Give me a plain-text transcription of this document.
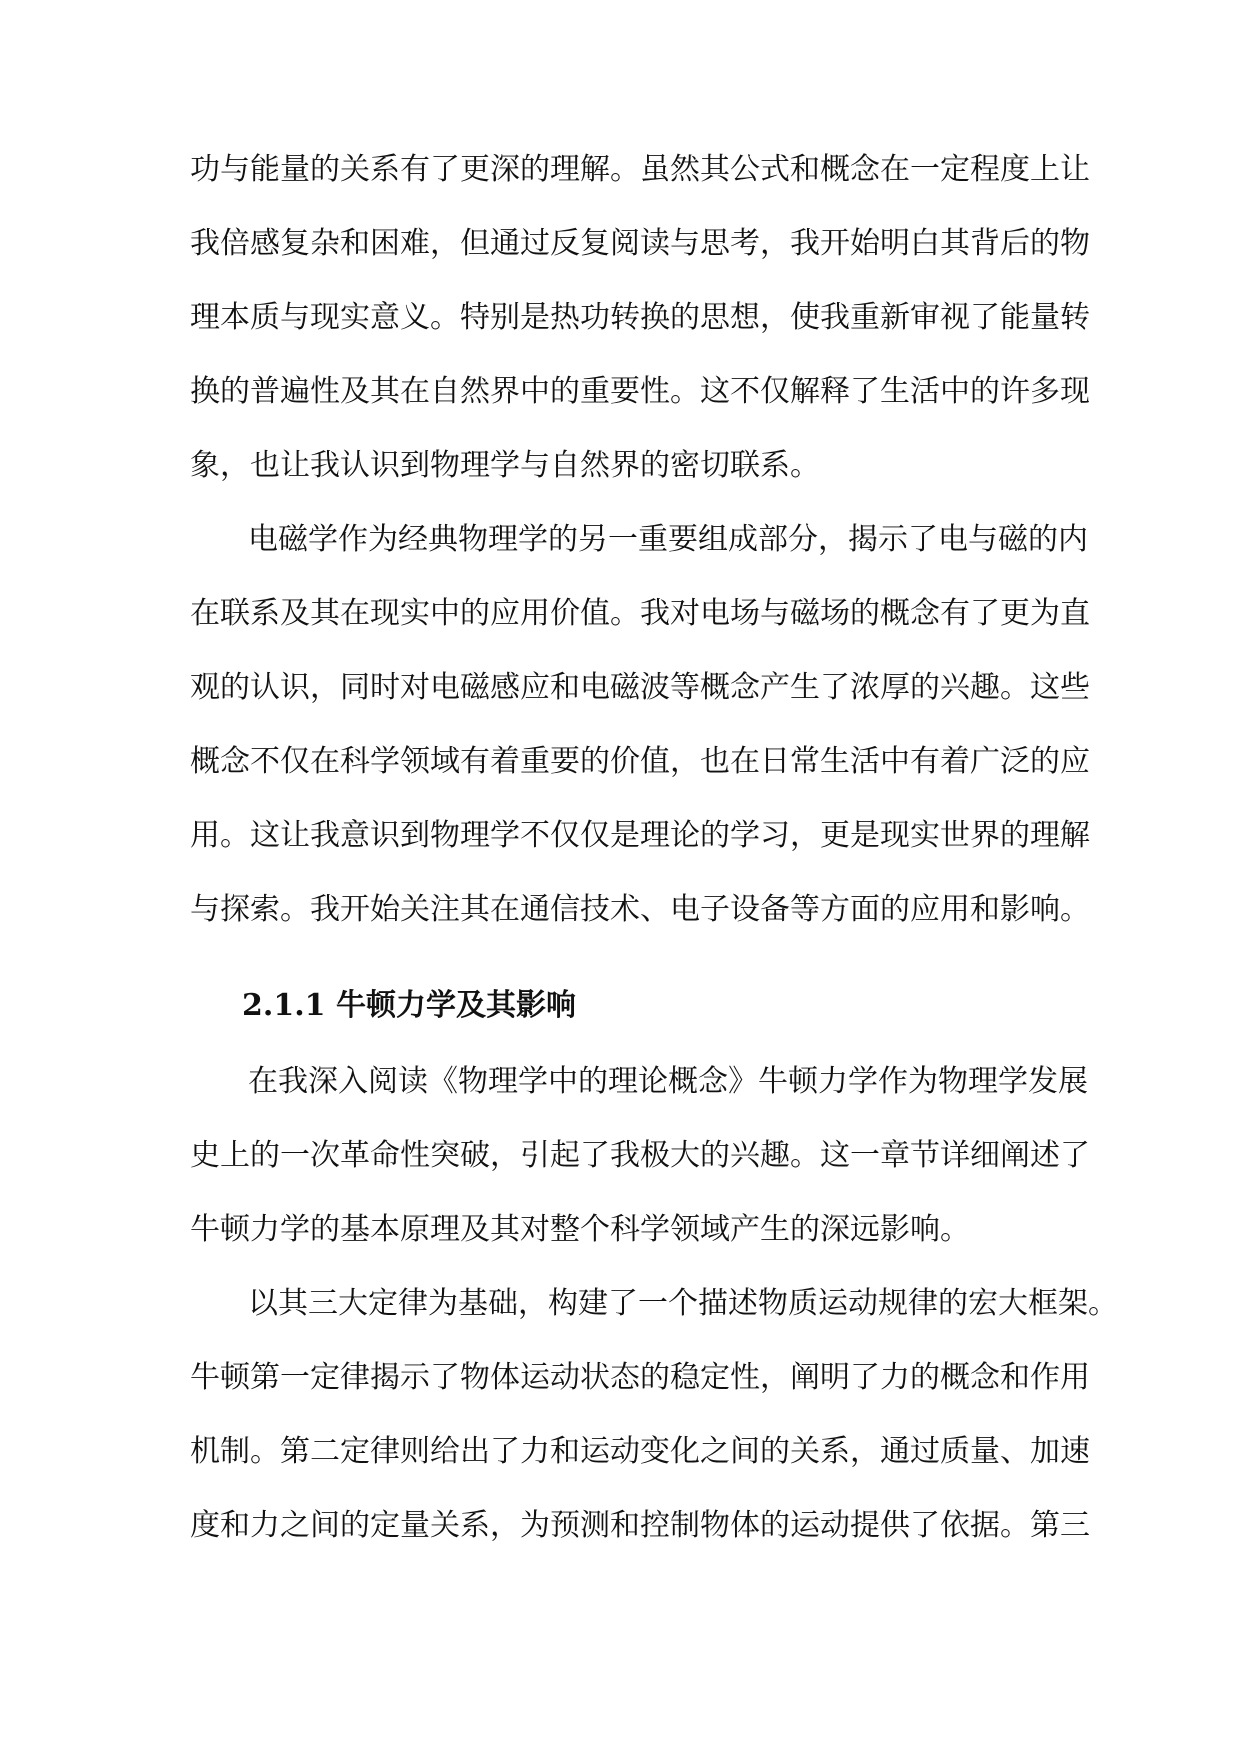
功与能量的关系有了更深的理解。虽然其公式和概念在一定程度上让
我倍感复杂和困难，但通过反复阅读与思考，我开始明白其背后的物
理本质与现实意义。特别是热功转换的思想，使我重新审视了能量转
换的普遍性及其在自然界中的重要性。这不仅解释了生活中的许多现
象，也让我认识到物理学与自然界的密切联系。
电磁学作为经典物理学的另一重要组成部分，揭示了电与磁的内
在联系及其在现实中的应用价值。我对电场与磁场的概念有了更为直
观的认识，同时对电磁感应和电磁波等概念产生了浓厚的兴趣。这些
概念不仅在科学领域有着重要的价值，也在日常生活中有着广泛的应
用。这让我意识到物理学不仅仅是理论的学习，更是现实世界的理解
与探索。我开始关注其在通信技术、电子设备等方面的应用和影响。
2.1.1 牛顿力学及其影响
在我深入阅读《物理学中的理论概念》牛顿力学作为物理学发展
史上的一次革命性突破，引起了我极大的兴趣。这一章节详细阐述了
牛顿力学的基本原理及其对整个科学领域产生的深远影响。
以其三大定律为基础，构建了一个描述物质运动规律的宏大框架。
牛顿第一定律揭示了物体运动状态的稳定性，阐明了力的概念和作用
机制。第二定律则给出了力和运动变化之间的关系，通过质量、加速
度和力之间的定量关系，为预测和控制物体的运动提供了依据。第三
